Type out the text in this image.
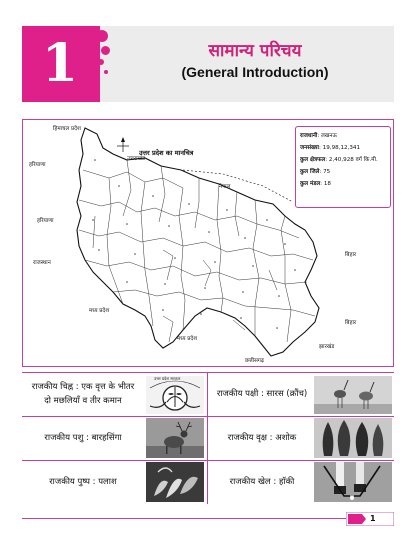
1	सामान्य परिचय
(General Introduction)
उत्तर प्रदेश का मानचित्र
हिमाचल प्रदेश
उत्तराखंड
हरियाणा
हरियाणा
राजस्थान
मध्य प्रदेश
मध्य प्रदेश
नेपाल
बिहार
बिहार
झारखंड
छत्तीसगढ़
राजधानी: लखनऊ
जनसंख्या: 19,98,12,341
कुल क्षेत्रफल: 2,40,928 वर्ग कि.मी.
कुल जिले: 75
कुल मंडल: 18
राजकीय चिह्न : एक वृत्त के भीतर
दो मछलियाँ व तीर कमान
उत्तर प्रदेश सरकार
राजकीय पशु : बारहसिंगा
राजकीय पुष्प : पलाश
राजकीय पक्षी : सारस (क्रौंच)
राजकीय वृक्ष : अशोक
राजकीय खेल : हॉकी
1
